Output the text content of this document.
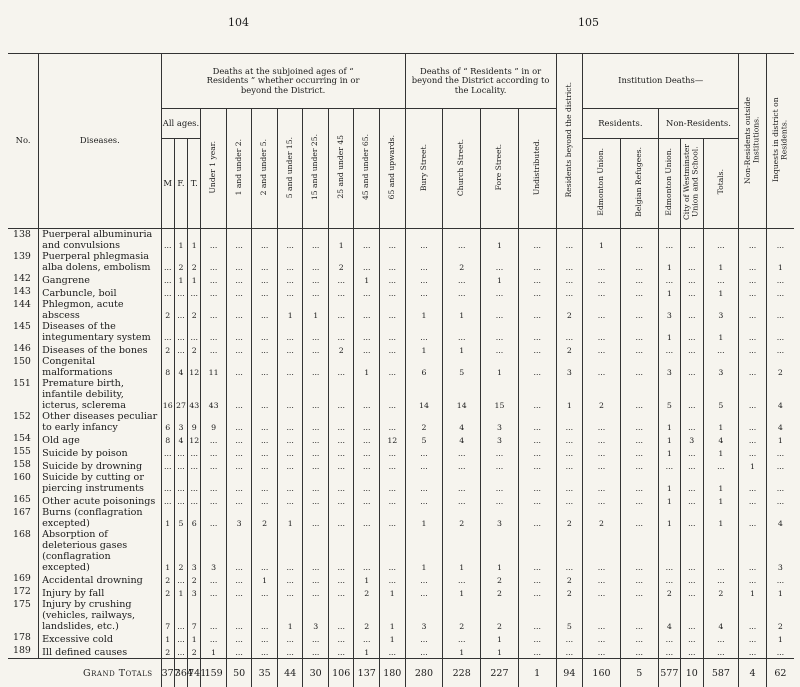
104	105
No.	Diseases.	Deaths at the subjoined ages of “ Residents ” whether occurring in or beyond the District.											Deaths of “ Residents ” in or beyond the District according to the Locality.				Residents beyond the district.	Institution Deaths—					Non-Residents outside Institutions.	Inquests in district on Residents.
		All ages.			Under 1 year.	1 and under 2.	2 and under 5.	5 and under 15.	15 and under 25.	25 and under 45	45 and under 65.	65 and upwards.	Bury Street.	Church Street.	Fore Street.	Undistributed.		Residents.		Non-Residents.				
		M	F.	T.														Edmonton Union.	Belgian Refugees.	Edmonton Union.	City of Westminster Union and School.	Totals.		
138	Puerperal albuminuria and convulsions	...	1	1	...	...	...	...	...	1	...	...	...	...	1	...	...	1	...	...	...	...	...	...
139	Puerperal phlegmasia alba dolens, embolism	...	2	2	...	...	...	...	...	2	...	...	...	2	...	...	...	...	...	1	...	1	...	1
142	Gangrene	...	1	1	...	...	...	...	...	...	1	...	...	...	1	...	...	...	...	...	...	...	...	...
143	Carbuncle, boil	...	...	...	...	...	...	...	...	...	...	...	...	...	...	...	...	...	...	1	...	1	...	...
144	Phlegmon, acute abscess	2	...	2	...	...	...	1	1	...	...	...	1	1	...	...	2	...	...	3	...	3	...	...
145	Diseases of the integumentary system	...	...	...	...	...	...	...	...	...	...	...	...	...	...	...	...	...	...	1	...	1	...	...
146	Diseases of the bones	2	...	2	...	...	...	...	...	2	...	...	1	1	...	...	2	...	...	...	...	...	...	...
150	Congenital malformations	8	4	12	11	...	...	...	...	...	1	...	6	5	1	...	3	...	...	3	...	3	...	2
151	Premature birth, infantile debility, icterus, sclerema	16	27	43	43	...	...	...	...	...	...	...	14	14	15	...	1	2	...	5	...	5	...	4
152	Other diseases peculiar to early infancy	6	3	9	9	...	...	...	...	...	...	...	2	4	3	...	...	...	...	1	...	1	...	4
154	Old age	8	4	12	...	...	...	...	...	...	...	12	5	4	3	...	...	...	...	1	3	4	...	1
155	Suicide by poison	...	...	...	...	...	...	...	...	...	...	...	...	...	...	...	...	...	...	1	...	1	...	...
158	Suicide by drowning	...	...	...	...	...	...	...	...	...	...	...	...	...	...	...	...	...	...	...	...	...	1	...
160	Suicide by cutting or piercing instruments	...	...	...	...	...	...	...	...	...	...	...	...	...	...	...	...	...	...	1	...	1	...	...
165	Other acute poisonings	...	...	...	...	...	...	...	...	...	...	...	...	...	...	...	...	...	...	1	...	1	...	...
167	Burns (conflagration excepted)	1	5	6	...	3	2	1	...	...	...	...	1	2	3	...	2	2	...	1	...	1	...	4
168	Absorption of deleterious gases (conflagration excepted)	1	2	3	3	...	...	...	...	...	...	...	1	1	1	...	...	...	...	...	...	...	...	3
169	Accidental drowning	2	...	2	...	...	1	...	...	...	1	...	...	...	2	...	2	...	...	...	...	...	...	...
172	Injury by fall	2	1	3	...	...	...	...	...	...	2	1	...	1	2	...	2	...	...	2	...	2	1	1
175	Injury by crushing (vehicles, railways, landslides, etc.)	7	...	7	...	...	...	1	3	...	2	1	3	2	2	...	5	...	...	4	...	4	...	2
178	Excessive cold	1	...	1	...	...	...	...	...	...	...	1	...	...	1	...	...	...	...	...	...	...	...	1
189	Ill defined causes	2	...	2	1	...	...	...	...	...	1	...	...	1	1	...	...	...	...	...	...	...	...	...
Grand Totals		377	364	741	159	50	35	44	30	106	137	180	280	228	227	1	94	160	5	577	10	587	4	62
